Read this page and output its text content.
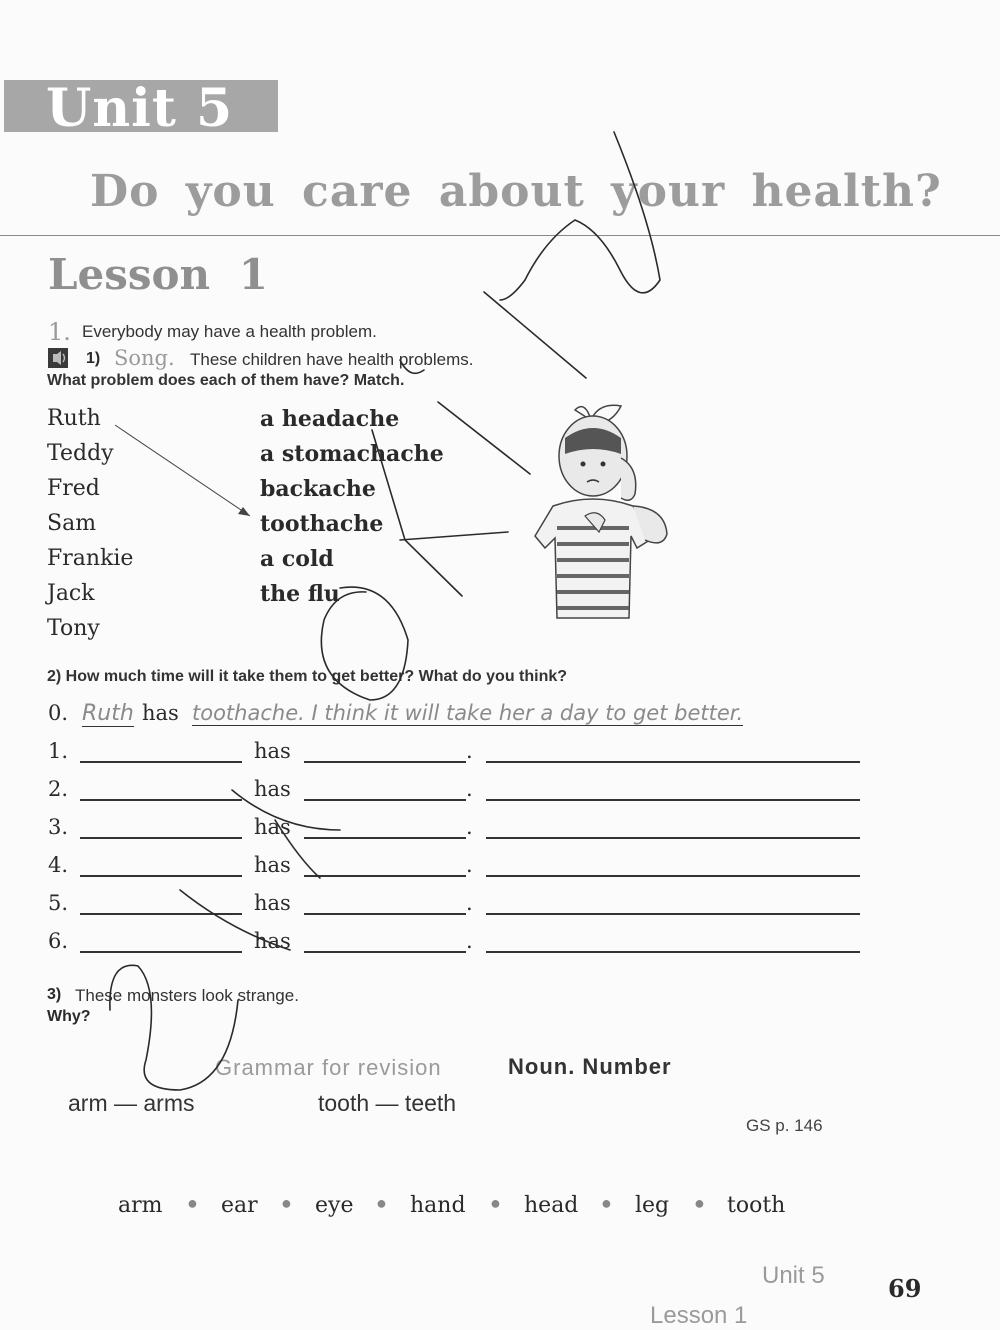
Unit 5
Do you care about your health?
Lesson 1
1. Everybody may have a health problem.
1) Song. These children have health problems.
What problem does each of them have? Match.
Ruth
Teddy
Fred
Sam
Frankie
Jack
Tony
a headache
a stomachache
backache
toothache
a cold
the flu
2) How much time will it take them to get better? What do you think?
0. Ruth has toothache. I think it will take her a day to get better.
1.	has	.
2.	has	.
3.	has	.
4.	has	.
5.	has	.
6.	has	.
3) These monsters look strange.
Why?
Grammar for revision	Noun. Number
arm — arms	tooth — teeth
GS p. 146
arm ● ear ● eye ● hand ● head ● leg ● tooth
Unit 5
Lesson 1
69
